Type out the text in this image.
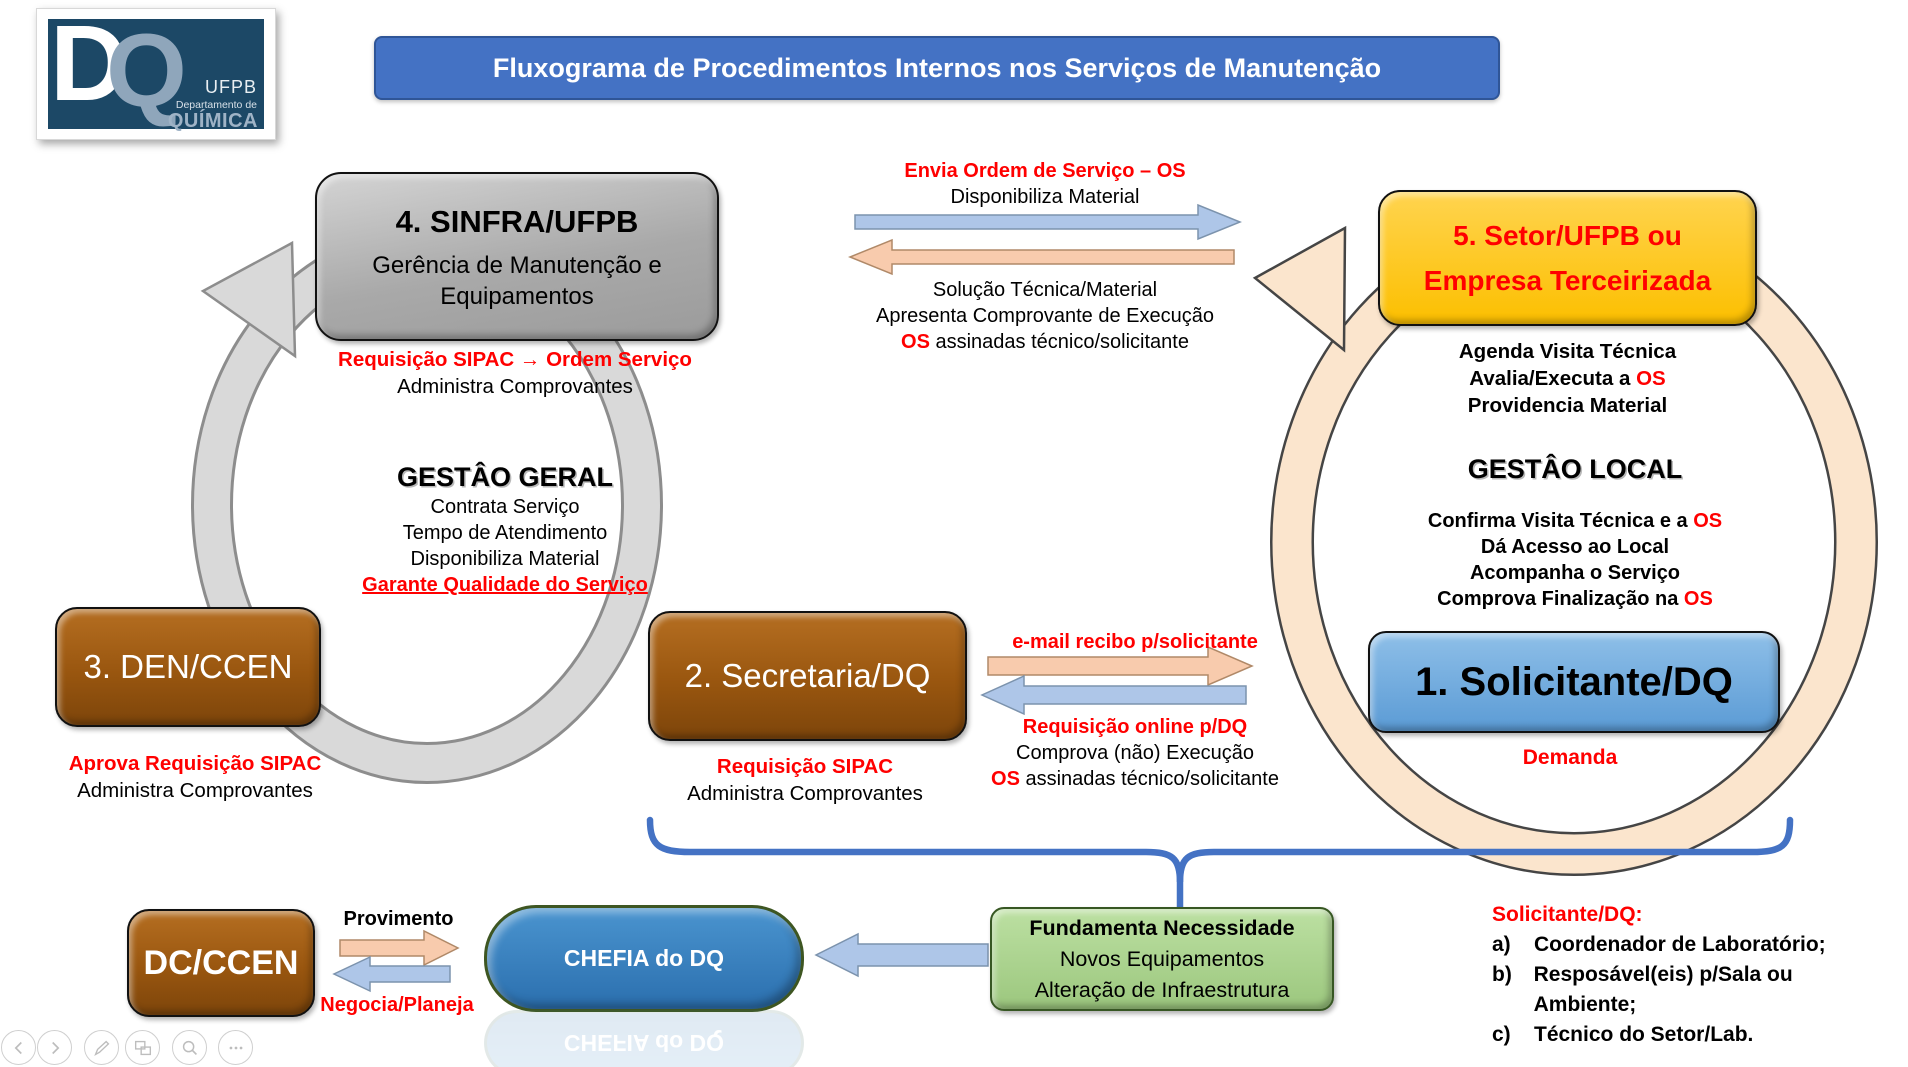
D
Q UFPB
Departamento de
QUÍMICA
Fluxograma de Procedimentos Internos nos Serviços de Manutenção
4. SINFRA/UFPB
Gerência de Manutenção e
Equipamentos
Requisição SIPAC → Ordem Serviço
Administra Comprovantes
Envia Ordem de Serviço – OS
Disponibiliza Material
Solução Técnica/Material
Apresenta Comprovante de Execução
OS assinadas técnico/solicitante
5. Setor/UFPB ou
Empresa Terceirizada
Agenda Visita Técnica
Avalia/Executa a OS
Providencia Material
GESTÂO GERAL
Contrata Serviço
Tempo de Atendimento
Disponibiliza Material
Garante Qualidade do Serviço
GESTÂO LOCAL
Confirma Visita Técnica e a OS
Dá Acesso ao Local
Acompanha o Serviço
Comprova Finalização na OS
3. DEN/CCEN
Aprova Requisição SIPAC
Administra Comprovantes
2. Secretaria/DQ
Requisição SIPAC
Administra Comprovantes
e-mail recibo p/solicitante
Requisição online p/DQ
Comprova (não) Execução
OS assinadas técnico/solicitante
1. Solicitante/DQ
Demanda
DC/CCEN
Provimento
Negocia/Planeja
CHEFIA do DQ
CHEFIA do DQ
Fundamenta Necessidade
Novos Equipamentos
Alteração de Infraestrutura
Solicitante/DQ:
a)	Coordenador de Laboratório;
b)	Resposável(eis) p/Sala ou Ambiente;
c)	Técnico do Setor/Lab.
